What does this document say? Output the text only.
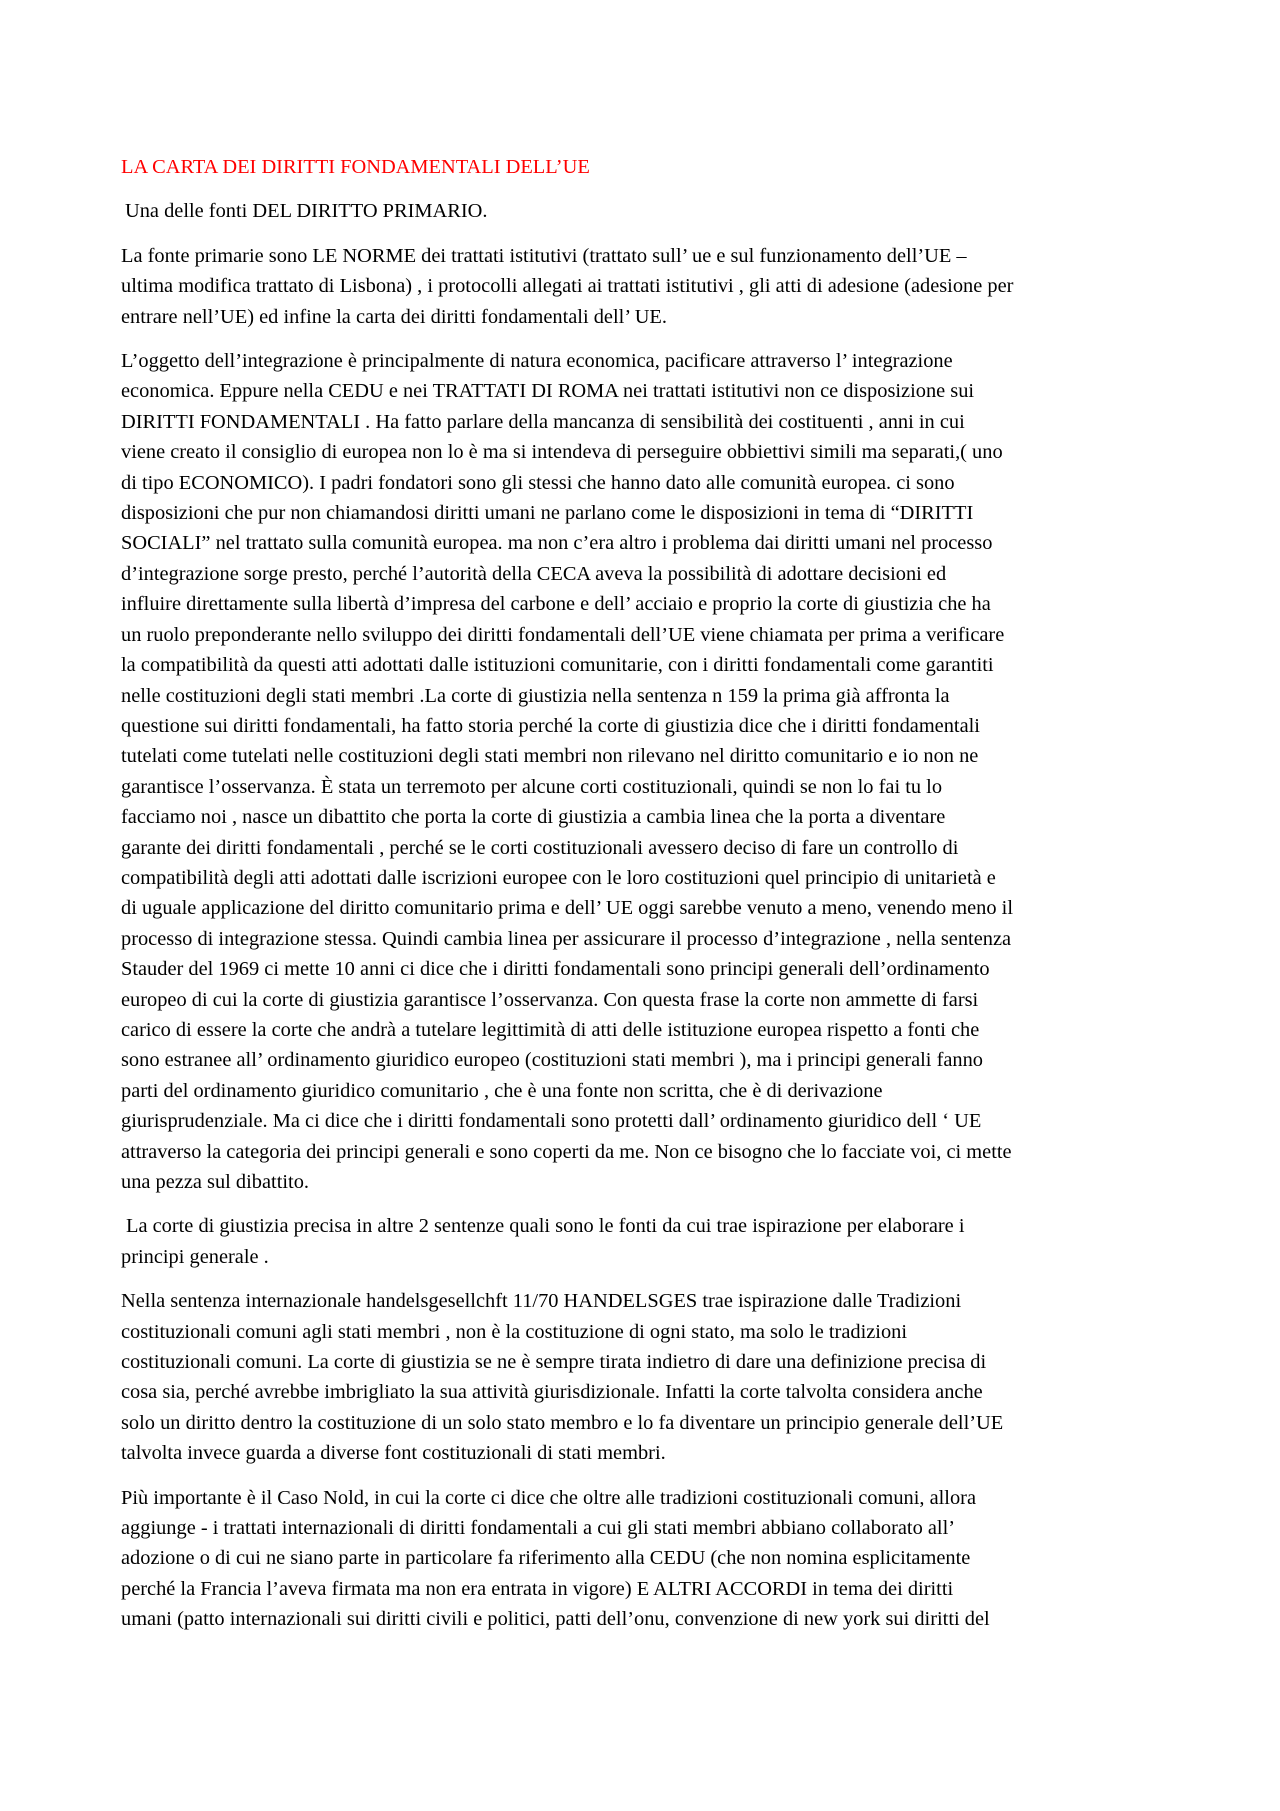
LA CARTA DEI DIRITTI FONDAMENTALI DELL’UE

Una delle fonti DEL DIRITTO PRIMARIO.

La fonte primarie sono LE NORME dei trattati istitutivi (trattato sull’ ue e sul funzionamento dell’UE –
ultima modifica trattato di Lisbona) , i protocolli allegati ai trattati istitutivi , gli atti di adesione (adesione per
entrare nell’UE) ed infine la carta dei diritti fondamentali dell’ UE.

L’oggetto dell’integrazione è principalmente di natura economica, pacificare attraverso l’ integrazione
economica. Eppure nella CEDU e nei TRATTATI DI ROMA nei trattati istitutivi non ce disposizione sui
DIRITTI FONDAMENTALI . Ha fatto parlare della mancanza di sensibilità dei costituenti , anni in cui
viene creato il consiglio di europea non lo è ma si intendeva di perseguire obbiettivi simili ma separati,( uno
di tipo ECONOMICO). I padri fondatori sono gli stessi che hanno dato alle comunità europea. ci sono
disposizioni che pur non chiamandosi diritti umani ne parlano come le disposizioni in tema di “DIRITTI
SOCIALI” nel trattato sulla comunità europea. ma non c’era altro i problema dai diritti umani nel processo
d’integrazione sorge presto, perché l’autorità della CECA aveva la possibilità di adottare decisioni ed
influire direttamente sulla libertà d’impresa del carbone e dell’ acciaio e proprio la corte di giustizia che ha
un ruolo preponderante nello sviluppo dei diritti fondamentali dell’UE viene chiamata per prima a verificare
la compatibilità da questi atti adottati dalle istituzioni comunitarie, con i diritti fondamentali come garantiti
nelle costituzioni degli stati membri .La corte di giustizia nella sentenza n 159 la prima già affronta la
questione sui diritti fondamentali, ha fatto storia perché la corte di giustizia dice che i diritti fondamentali
tutelati come tutelati nelle costituzioni degli stati membri non rilevano nel diritto comunitario e io non ne
garantisce l’osservanza. È stata un terremoto per alcune corti costituzionali, quindi se non lo fai tu lo
facciamo noi , nasce un dibattito che porta la corte di giustizia a cambia linea che la porta a diventare
garante dei diritti fondamentali , perché se le corti costituzionali avessero deciso di fare un controllo di
compatibilità degli atti adottati dalle iscrizioni europee con le loro costituzioni quel principio di unitarietà e
di uguale applicazione del diritto comunitario prima e dell’ UE oggi sarebbe venuto a meno, venendo meno il
processo di integrazione stessa. Quindi cambia linea per assicurare il processo d’integrazione , nella sentenza
Stauder del 1969 ci mette 10 anni ci dice che i diritti fondamentali sono principi generali dell’ordinamento
europeo di cui la corte di giustizia garantisce l’osservanza. Con questa frase la corte non ammette di farsi
carico di essere la corte che andrà a tutelare legittimità di atti delle istituzione europea rispetto a fonti che
sono estranee all’ ordinamento giuridico europeo (costituzioni stati membri ), ma i principi generali fanno
parti del ordinamento giuridico comunitario , che è una fonte non scritta, che è di derivazione
giurisprudenziale. Ma ci dice che i diritti fondamentali sono protetti dall’ ordinamento giuridico dell ‘ UE
attraverso la categoria dei principi generali e sono coperti da me. Non ce bisogno che lo facciate voi, ci mette
una pezza sul dibattito.

La corte di giustizia precisa in altre 2 sentenze quali sono le fonti da cui trae ispirazione per elaborare i
principi generale .

Nella sentenza internazionale handelsgesellchft 11/70 HANDELSGES trae ispirazione dalle Tradizioni
costituzionali comuni agli stati membri , non è la costituzione di ogni stato, ma solo le tradizioni
costituzionali comuni. La corte di giustizia se ne è sempre tirata indietro di dare una definizione precisa di
cosa sia, perché avrebbe imbrigliato la sua attività giurisdizionale. Infatti la corte talvolta considera anche
solo un diritto dentro la costituzione di un solo stato membro e lo fa diventare un principio generale dell’UE
talvolta invece guarda a diverse font costituzionali di stati membri.

Più importante è il Caso Nold, in cui la corte ci dice che oltre alle tradizioni costituzionali comuni, allora
aggiunge - i trattati internazionali di diritti fondamentali a cui gli stati membri abbiano collaborato all’
adozione o di cui ne siano parte in particolare fa riferimento alla CEDU (che non nomina esplicitamente
perché la Francia l’aveva firmata ma non era entrata in vigore) E ALTRI ACCORDI in tema dei diritti
umani (patto internazionali sui diritti civili e politici, patti dell’onu, convenzione di new york sui diritti del
